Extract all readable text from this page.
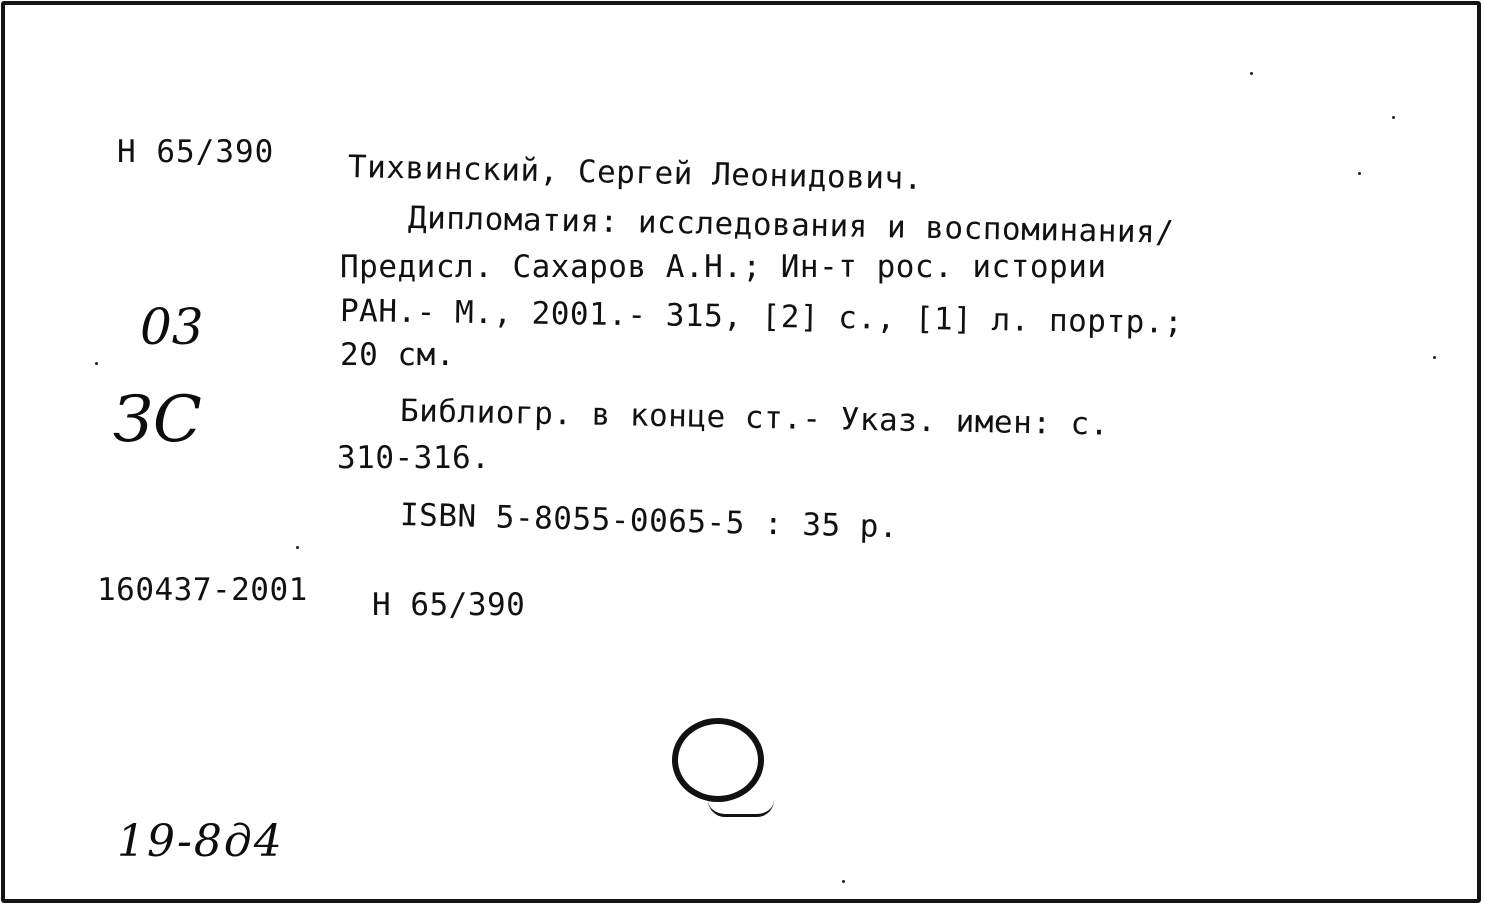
Н 65/390 Тихвинский, Сергей Леонидович.
Дипломатия: исследования и воспоминания/
Предисл. Сахаров А.Н.; Ин-т рос. истории
РАН.- М., 2001.- 315, [2] с., [1] л. портр.;
20 см.
Библиогр. в конце ст.- Указ. имен: с.
310-316.
ISBN 5-8055-0065-5 : 35 р.
160437-2001 Н 65/390
03
ЗС
19-8д4
